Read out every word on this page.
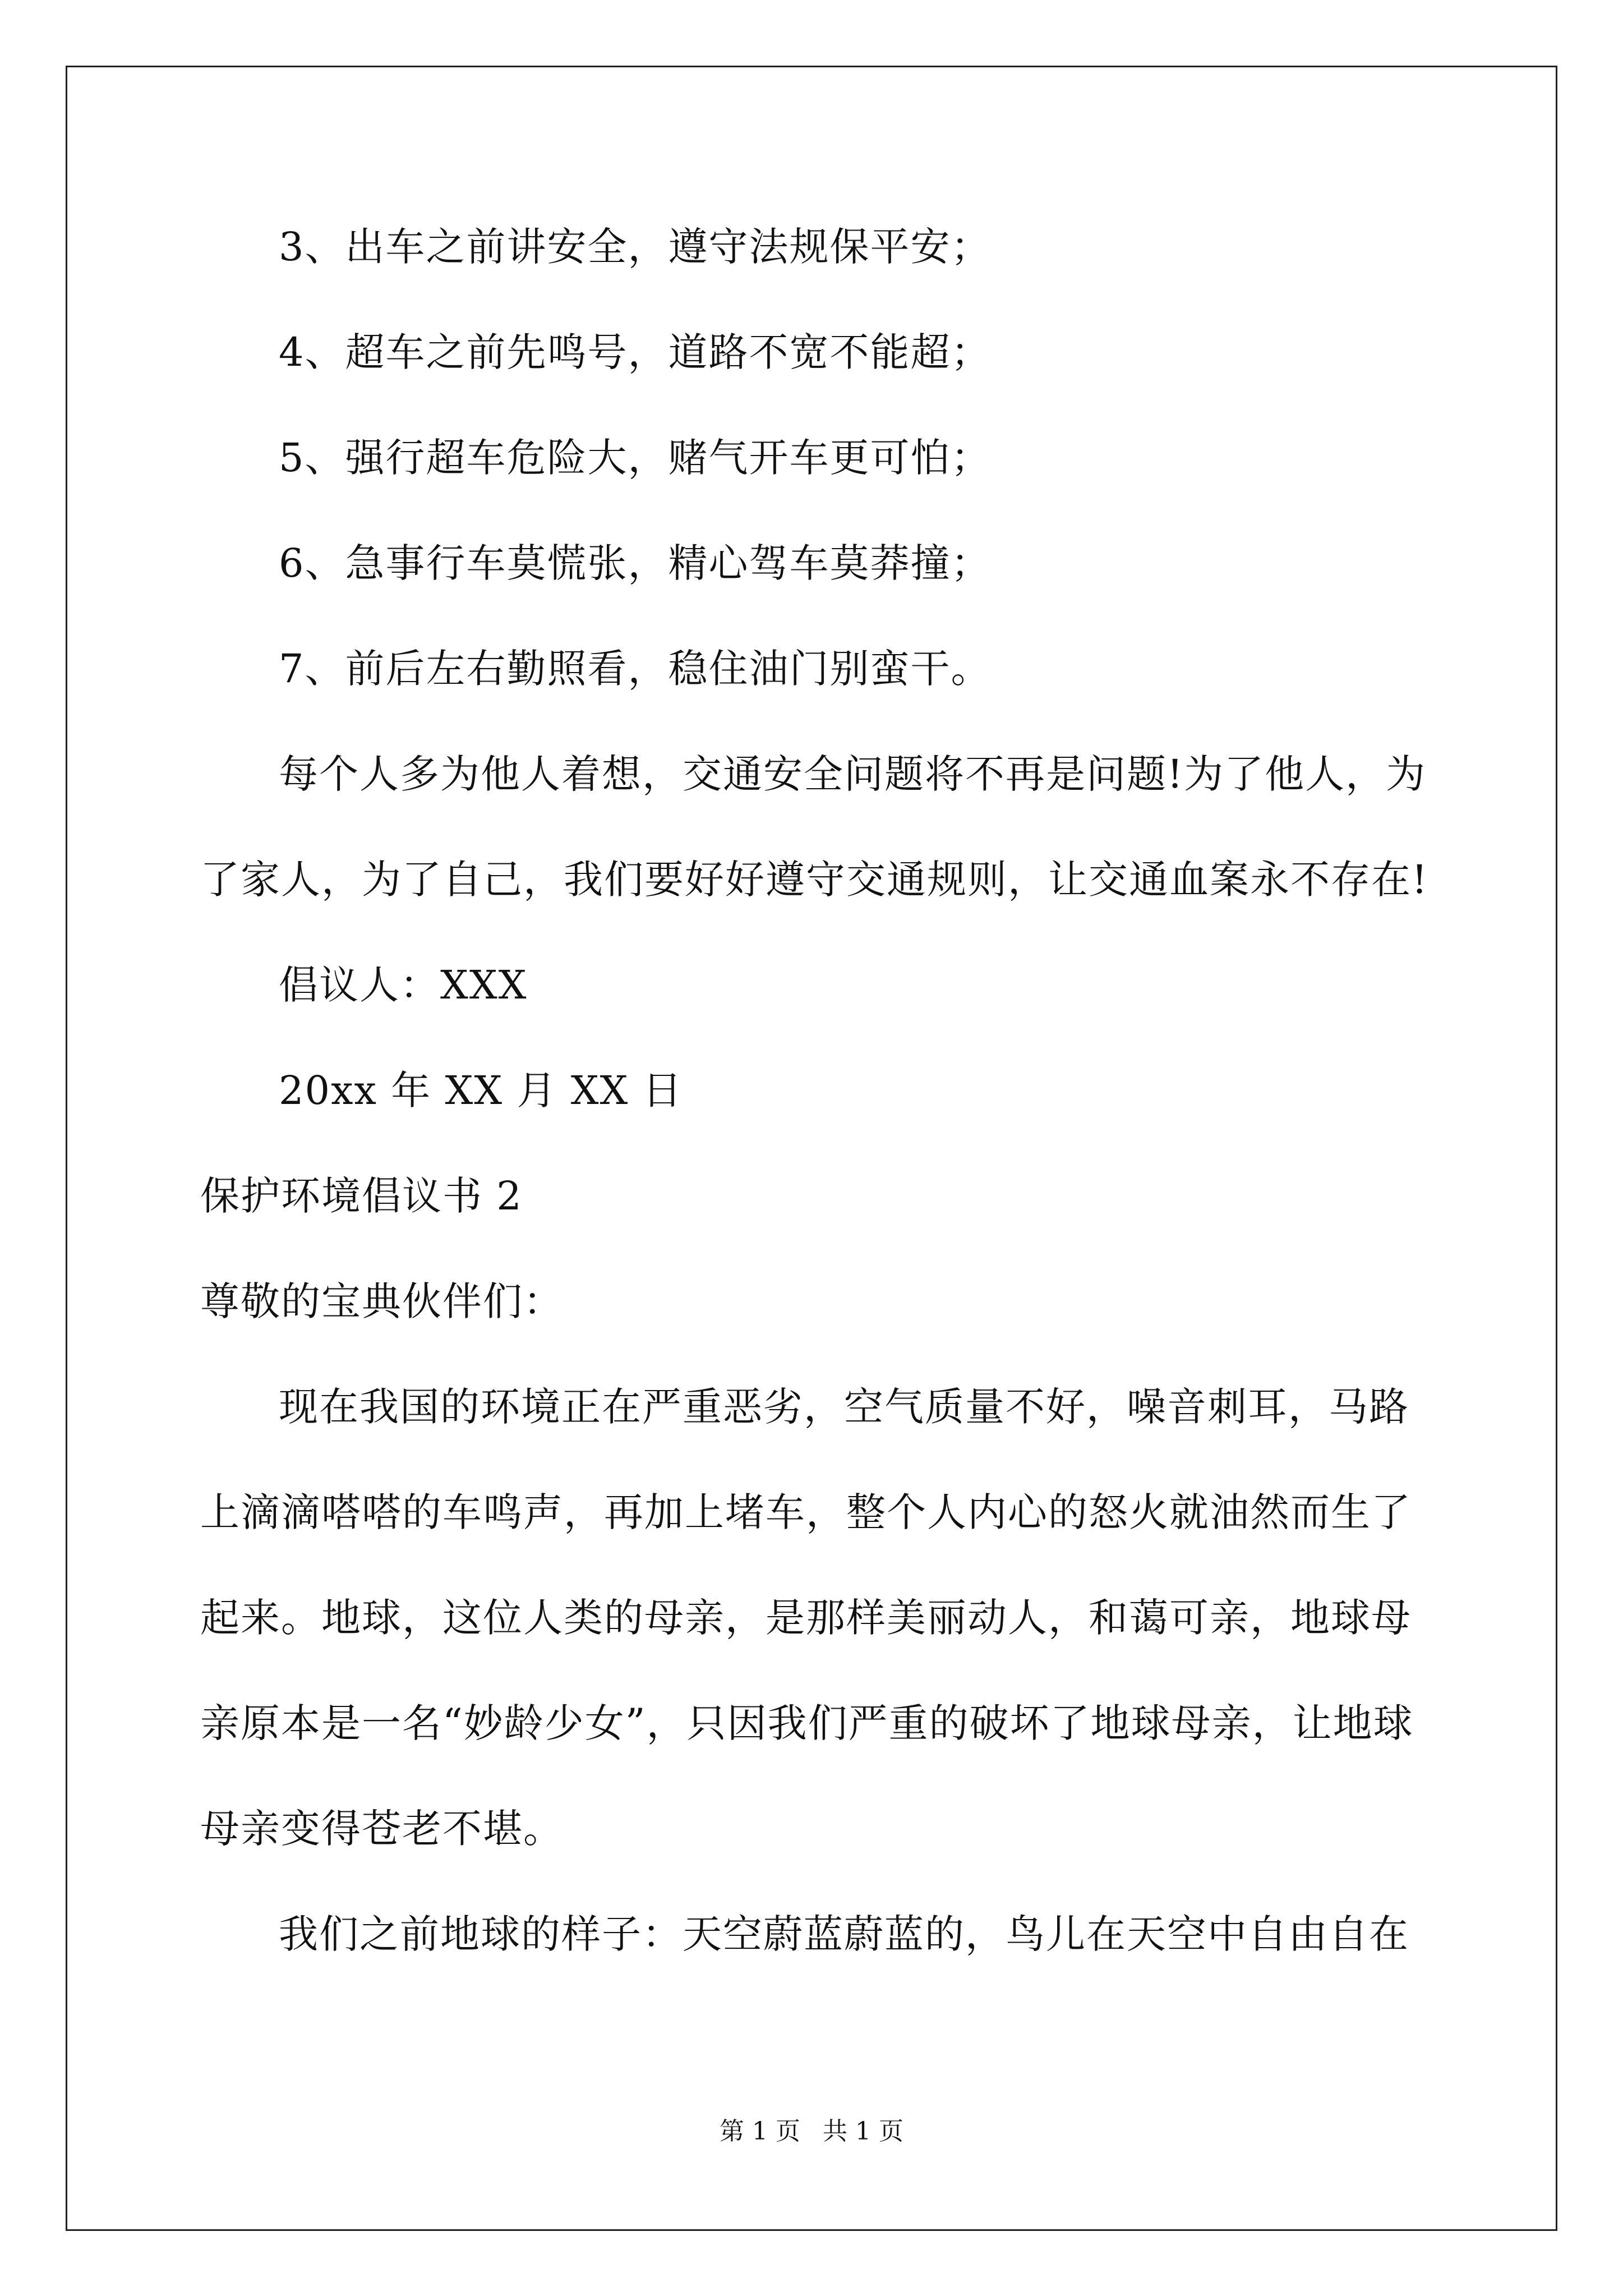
3、出车之前讲安全，遵守法规保平安；
4、超车之前先鸣号，道路不宽不能超；
5、强行超车危险大，赌气开车更可怕；
6、急事行车莫慌张，精心驾车莫莽撞；
7、前后左右勤照看，稳住油门别蛮干。
每个人多为他人着想，交通安全问题将不再是问题!为了他人，为
了家人，为了自己，我们要好好遵守交通规则，让交通血案永不存在!
倡议人：XXX
20xx 年 XX 月 XX 日
保护环境倡议书 2
尊敬的宝典伙伴们：
现在我国的环境正在严重恶劣，空气质量不好，噪音刺耳，马路
上滴滴嗒嗒的车鸣声，再加上堵车，整个人内心的怒火就油然而生了
起来。地球，这位人类的母亲，是那样美丽动人，和蔼可亲，地球母
亲原本是一名“妙龄少女”，只因我们严重的破坏了地球母亲，让地球
母亲变得苍老不堪。
我们之前地球的样子：天空蔚蓝蔚蓝的，鸟儿在天空中自由自在
第 1 页 共 1 页
